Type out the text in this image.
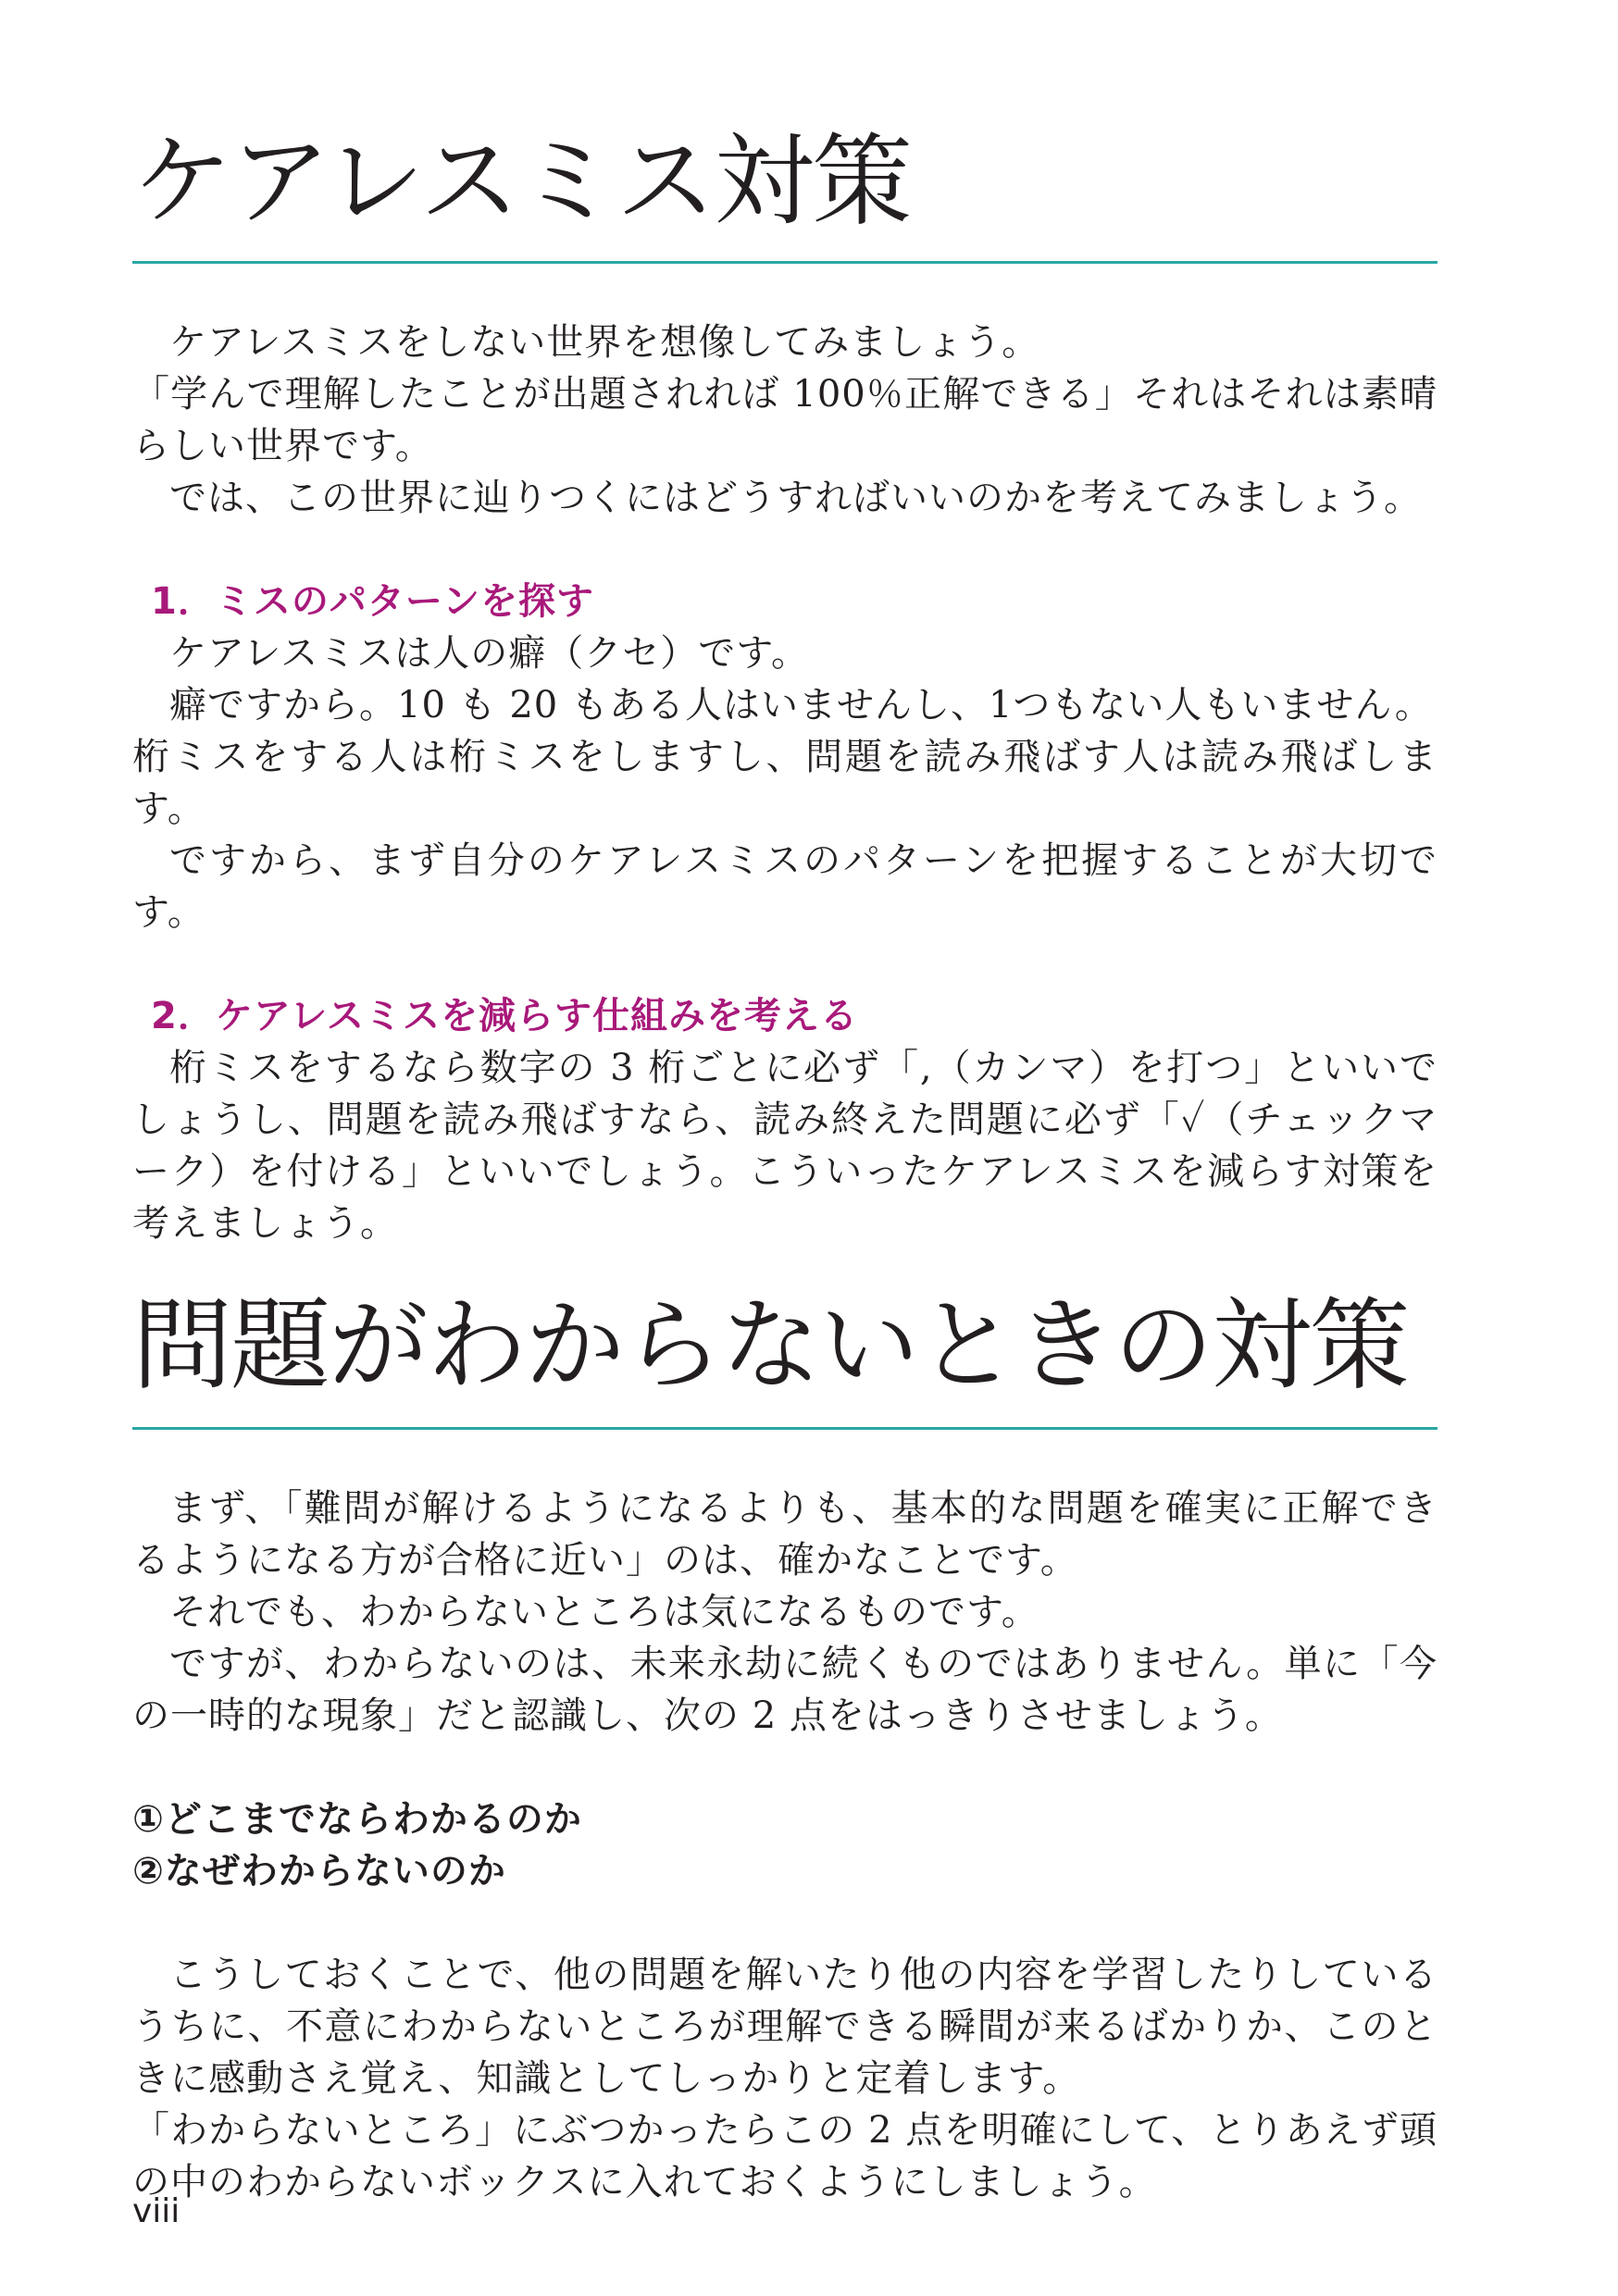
ケアレスミス対策

ケアレスミスをしない世界を想像してみましょう。

「学んで理解したことが出題されれば 100％正解できる」それはそれは素晴らしい世界です。

では、この世界に辿りつくにはどうすればいいのかを考えてみましょう。

1．ミスのパターンを探す

ケアレスミスは人の癖（クセ）です。

癖ですから。10 も 20 もある人はいませんし、1つもない人もいません。

桁ミスをする人は桁ミスをしますし、問題を読み飛ばす人は読み飛ばします。

ですから、まず自分のケアレスミスのパターンを把握することが大切です。

2．ケアレスミスを減らす仕組みを考える

桁ミスをするなら数字の 3 桁ごとに必ず「,（カンマ）を打つ」といいでしょうし、問題を読み飛ばすなら、読み終えた問題に必ず「✓（チェックマーク）を付ける」といいでしょう。こういったケアレスミスを減らす対策を考えましょう。

問題がわからないときの対策

まず、「難問が解けるようになるよりも、基本的な問題を確実に正解できるようになる方が合格に近い」のは、確かなことです。

それでも、わからないところは気になるものです。

ですが、わからないのは、未来永劫に続くものではありません。単に「今の一時的な現象」だと認識し、次の 2 点をはっきりさせましょう。

①どこまでならわかるのか

②なぜわからないのか

こうしておくことで、他の問題を解いたり他の内容を学習したりしているうちに、不意にわからないところが理解できる瞬間が来るばかりか、このときに感動さえ覚え、知識としてしっかりと定着します。

「わからないところ」にぶつかったらこの 2 点を明確にして、とりあえず頭の中のわからないボックスに入れておくようにしましょう。

viii
